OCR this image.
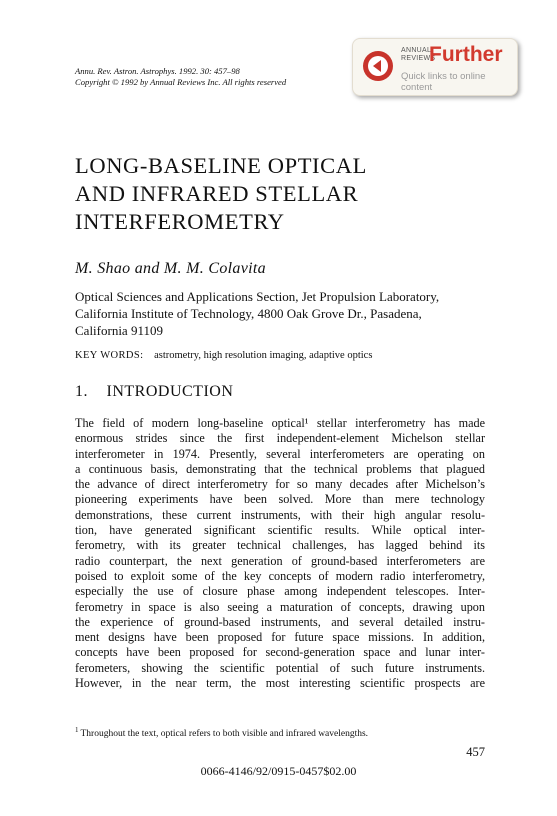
Annu. Rev. Astron. Astrophys. 1992. 30: 457–98
Copyright © 1992 by Annual Reviews Inc. All rights reserved
ANNUAL
REVIEWS
Further
Quick links to online content
LONG-BASELINE OPTICAL
AND INFRARED STELLAR
INTERFEROMETRY
M. Shao and M. M. Colavita
Optical Sciences and Applications Section, Jet Propulsion Laboratory,
California Institute of Technology, 4800 Oak Grove Dr., Pasadena,
California 91109
KEY WORDS: astrometry, high resolution imaging, adaptive optics
1. INTRODUCTION
The field of modern long-baseline optical¹ stellar interferometry has made
enormous strides since the first independent-element Michelson stellar
interferometer in 1974. Presently, several interferometers are operating on
a continuous basis, demonstrating that the technical problems that plagued
the advance of direct interferometry for so many decades after Michelson’s
pioneering experiments have been solved. More than mere technology
demonstrations, these current instruments, with their high angular resolu-
tion, have generated significant scientific results. While optical inter-
ferometry, with its greater technical challenges, has lagged behind its
radio counterpart, the next generation of ground-based interferometers are
poised to exploit some of the key concepts of modern radio interferometry,
especially the use of closure phase among independent telescopes. Inter-
ferometry in space is also seeing a maturation of concepts, drawing upon
the experience of ground-based instruments, and several detailed instru-
ment designs have been proposed for future space missions. In addition,
concepts have been proposed for second-generation space and lunar inter-
ferometers, showing the scientific potential of such future instruments.
However, in the near term, the most interesting scientific prospects are
$^1$ Throughout the text, optical refers to both visible and infrared wavelengths.
457
0066-4146/92/0915-0457$02.00
